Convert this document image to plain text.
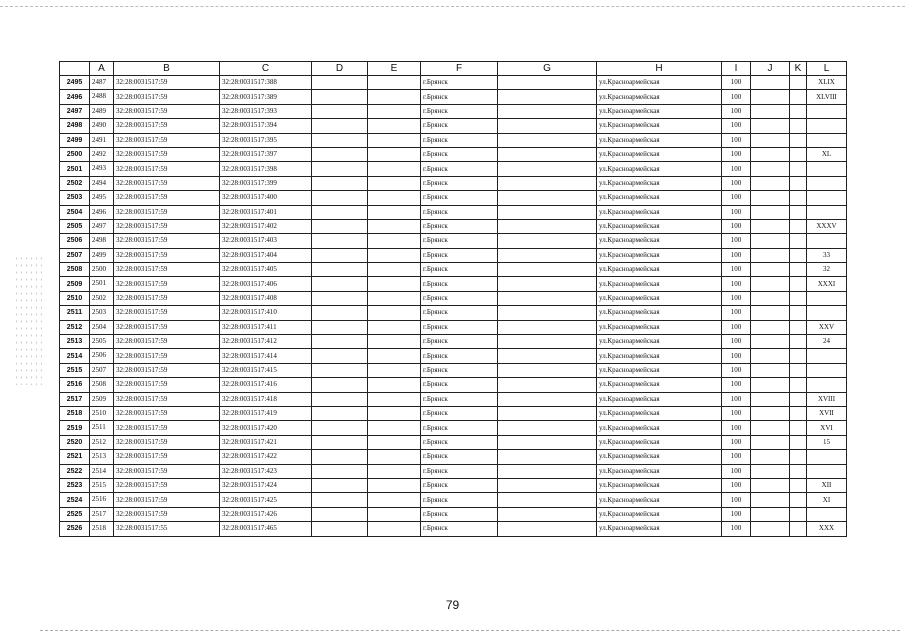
	A	B	C	D	E	F	G	H	I	J	K	L
2495	2487	32:28:0031517:59	32:28:0031517:388			г.Брянск		ул.Красноармейская	100			XLIX
2496	2488	32:28:0031517:59	32:28:0031517:389			г.Брянск		ул.Красноармейская	100			XLVIII
2497	2489	32:28:0031517:59	32:28:0031517:393			г.Брянск		ул.Красноармейская	100			
2498	2490	32:28:0031517:59	32:28:0031517:394			г.Брянск		ул.Красноармейская	100			
2499	2491	32:28:0031517:59	32:28:0031517:395			г.Брянск		ул.Красноармейская	100			
2500	2492	32:28:0031517:59	32:28:0031517:397			г.Брянск		ул.Красноармейская	100			XL
2501	2493	32:28:0031517:59	32:28:0031517:398			г.Брянск		ул.Красноармейская	100			
2502	2494	32:28:0031517:59	32:28:0031517:399			г.Брянск		ул.Красноармейская	100			
2503	2495	32:28:0031517:59	32:28:0031517:400			г.Брянск		ул.Красноармейская	100			
2504	2496	32:28:0031517:59	32:28:0031517:401			г.Брянск		ул.Красноармейская	100			
2505	2497	32:28:0031517:59	32:28:0031517:402			г.Брянск		ул.Красноармейская	100			XXXV
2506	2498	32:28:0031517:59	32:28:0031517:403			г.Брянск		ул.Красноармейская	100			
2507	2499	32:28:0031517:59	32:28:0031517:404			г.Брянск		ул.Красноармейская	100			33
2508	2500	32:28:0031517:59	32:28:0031517:405			г.Брянск		ул.Красноармейская	100			32
2509	2501	32:28:0031517:59	32:28:0031517:406			г.Брянск		ул.Красноармейская	100			XXXI
2510	2502	32:28:0031517:59	32:28:0031517:408			г.Брянск		ул.Красноармейская	100			
2511	2503	32:28:0031517:59	32:28:0031517:410			г.Брянск		ул.Красноармейская	100			
2512	2504	32:28:0031517:59	32:28:0031517:411			г.Брянск		ул.Красноармейская	100			XXV
2513	2505	32:28:0031517:59	32:28:0031517:412			г.Брянск		ул.Красноармейская	100			24
2514	2506	32:28:0031517:59	32:28:0031517:414			г.Брянск		ул.Красноармейская	100			
2515	2507	32:28:0031517:59	32:28:0031517:415			г.Брянск		ул.Красноармейская	100			
2516	2508	32:28:0031517:59	32:28:0031517:416			г.Брянск		ул.Красноармейская	100			
2517	2509	32:28:0031517:59	32:28:0031517:418			г.Брянск		ул.Красноармейская	100			XVIII
2518	2510	32:28:0031517:59	32:28:0031517:419			г.Брянск		ул.Красноармейская	100			XVII
2519	2511	32:28:0031517:59	32:28:0031517:420			г.Брянск		ул.Красноармейская	100			XVI
2520	2512	32:28:0031517:59	32:28:0031517:421			г.Брянск		ул.Красноармейская	100			15
2521	2513	32:28:0031517:59	32:28:0031517:422			г.Брянск		ул.Красноармейская	100			
2522	2514	32:28:0031517:59	32:28:0031517:423			г.Брянск		ул.Красноармейская	100			
2523	2515	32:28:0031517:59	32:28:0031517:424			г.Брянск		ул.Красноармейская	100			XII
2524	2516	32:28:0031517:59	32:28:0031517:425			г.Брянск		ул.Красноармейская	100			XI
2525	2517	32:28:0031517:59	32:28:0031517:426			г.Брянск		ул.Красноармейская	100			
2526	2518	32:28:0031517:55	32:28:0031517:465			г.Брянск		ул.Красноармейская	100			XXX
79
